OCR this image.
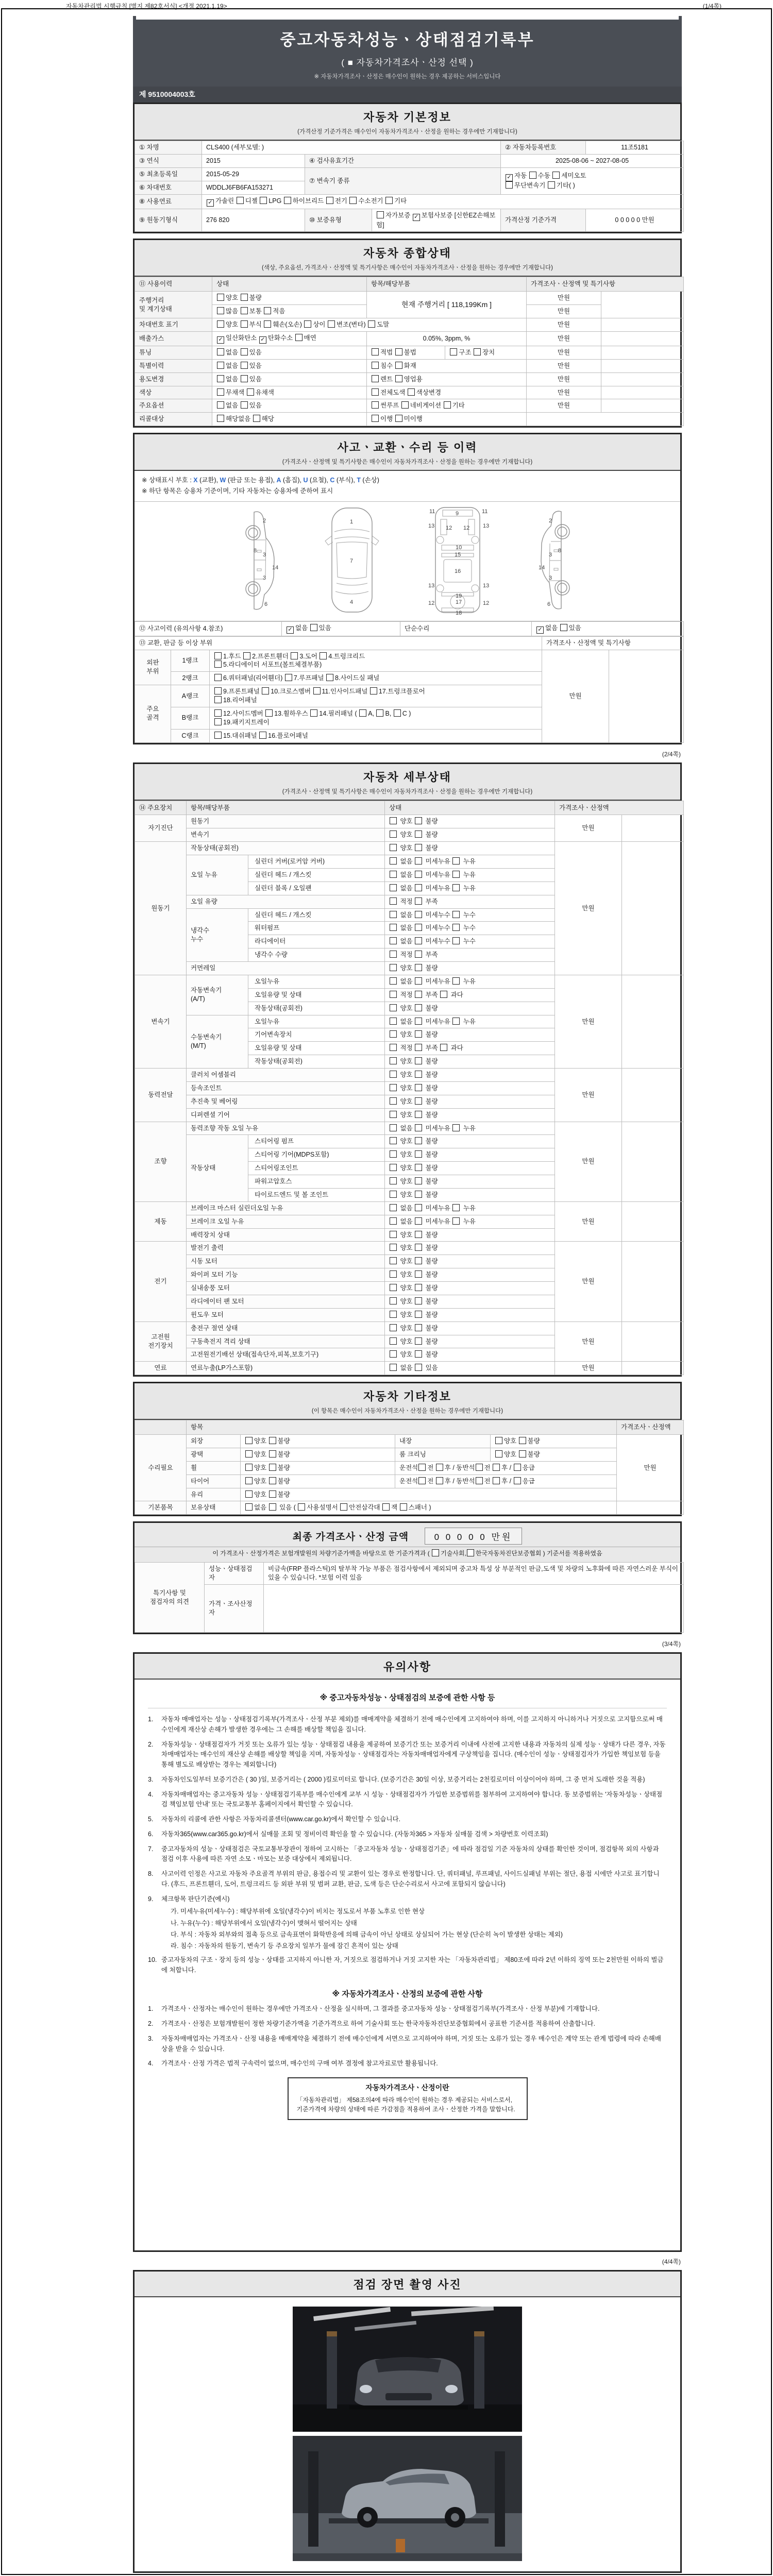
자동차관리법 시행규칙 [별지 제82호서식] <개정 2021.1.19>	(1/4쪽)
중고자동차성능ㆍ상태점검기록부
( ■ 자동차가격조사ㆍ산정 선택 )
※ 자동차가격조사ㆍ산정은 매수인이 원하는 경우 제공하는 서비스입니다
제 9510004003호
자동차 기본정보
(가격산정 기준가격은 매수인이 자동차가격조사ㆍ산정을 원하는 경우에만 기재합니다)
① 차명	CLS400 (세부모델: )			② 자동차등록번호	11조5181
③ 연식	2015	④ 검사유효기간		2025-08-06 ~ 2027-08-05	
⑤ 최초등록일	2015-05-29	⑦ 변속기 종류	✓자동 수동 세미오토
무단변속기 기타( )
⑥ 차대번호	WDDLJ6FB6FA153271				
⑧ 사용연료	✓가솔린 디젤 LPG 하이브리드 전기 수소전기 기타
⑨ 원동기형식	276 820	⑩ 보증유형	자가보증 ✓보험사보증 [신한EZ손해보험]	가격산정 기준가격	0 0 0 0 0 만원
자동차 종합상태
(색상, 주요옵션, 가격조사ㆍ산정액 및 특기사항은 매수인이 자동차가격조사ㆍ산정을 원하는 경우에만 기재합니다)
⑪ 사용이력	상태	항목/해당부품	가격조사ㆍ산정액 및 특기사항	
주행거리
및 계기상태	양호 불량	현재 주행거리 [ 118,199Km ]	만원	
	많음 보통 적음		만원	
차대번호 표기	양호 부식 훼손(오손) 상이 변조(변타) 도말		만원	
배출가스	✓일산화탄소 ✓탄화수소 매연	0.05%, 3ppm, %	만원	
튜닝	없음 있음	적법 불법 구조 장치	만원	
특별이력	없음 있음	침수 화재	만원	
용도변경	없음 있음	렌트 영업용	만원	
색상	무채색 유채색	전체도색 색상변경	만원	
주요옵션	없음 있음	썬루프 네비게이션 기타	만원	
리콜대상	해당없음 해당	이행 미이행		
사고ㆍ교환ㆍ수리 등 이력
(가격조사ㆍ산정액 및 특기사항은 매수인이 자동차가격조사ㆍ산정을 원하는 경우에만 기재합니다)
※ 상태표시 부호 : X (교환), W (판금 또는 용접), A (흠집), U (요철), C (부식), T (손상)
※ 하단 항목은 승용차 기준이며, 기타 자동차는 승용차에 준하여 표시
2
8
3
14
3
6
1
7
4
9
11	11
13 12 12 13
10
15
16
13
19
13
12	17	12
18
2
3
8
14
3
6
⑫ 사고이력 (유의사항 4.참조)	✓없음 있음	단순수리	✓없음 있음
⑬ 교환, 판금 등 이상 부위			가격조사ㆍ산정액 및 특기사항	
외판
부위	1랭크	1.후드 2.프론트휀더 3.도어 4.트렁크리드
5.라디에이터 서포트(볼트체결부품)	만원	
	2랭크	6.쿼터패널(리어휀더) 7.루프패널 8.사이드실 패널		
주요
골격	A랭크	9.프론트패널 10.크로스멤버 11.인사이드패널 17.트렁크플로어
18.리어패널		
	B랭크	12.사이드멤버 13.휠하우스 14.필러패널 ( A, B, C )
19.패키지트레이		
	C랭크	15.대쉬패널 16.플로어패널		
(2/4쪽)
자동차 세부상태
(가격조사ㆍ산정액 및 특기사항은 매수인이 자동차가격조사ㆍ산정을 원하는 경우에만 기재합니다)
⑭ 주요장치	항목/해당부품		상태	가격조사ㆍ산정액	
자기진단	원동기		양호  불량	만원	
	변속기		양호  불량		
원동기	작동상태(공회전)		양호  불량	만원	
	오일 누유	실린더 커버(로커암 커버)	없음  미세누유  누유		
		실린더 헤드 / 개스킷	없음  미세누유  누유		
		실린더 블록 / 오일팬	없음  미세누유  누유		
	오일 유량		적정  부족		
	냉각수
누수	실린더 헤드 / 개스킷	없음  미세누수  누수		
		워터펌프	없음  미세누수  누수		
		라디에이터	없음  미세누수  누수		
		냉각수 수량	적정  부족		
	커먼레일		양호  불량		
변속기	자동변속기
(A/T)	오일누유	없음  미세누유  누유	만원	
		오일유량 및 상태	적정  부족  과다		
		작동상태(공회전)	양호  불량		
	수동변속기
(M/T)	오일누유	없음  미세누유  누유		
		기어변속장치	양호  불량		
		오일유량 및 상태	적정  부족  과다		
		작동상태(공회전)	양호  불량		
동력전달	클러치 어셈블리		양호  불량	만원	
	등속조인트		양호  불량		
	추진축 및 베어링		양호  불량		
	디퍼렌셜 기어		양호  불량		
조향	동력조향 작동 오일 누유		없음  미세누유  누유	만원	
	작동상태	스티어링 펌프	양호  불량		
		스티어링 기어(MDPS포함)	양호  불량		
		스티어링조인트	양호  불량		
		파워고압호스	양호  불량		
		타이로드엔드 및 볼 조인트	양호  불량		
제동	브레이크 마스터 실린더오일 누유		없음  미세누유  누유	만원	
	브레이크 오일 누유		없음  미세누유  누유		
	배력장치 상태		양호  불량		
전기	발전기 출력		양호  불량	만원	
	시동 모터		양호  불량		
	와이퍼 모터 기능		양호  불량		
	실내송풍 모터		양호  불량		
	라디에이터 팬 모터		양호  불량		
	윈도우 모터		양호  불량		
고전원
전기장치	충전구 절연 상태		양호  불량	만원	
	구동축전지 격리 상태		양호  불량		
	고전원전기배선 상태(접속단자,피복,보호기구)		양호  불량		
연료	연료누출(LP가스포함)		없음  있음	만원	
자동차 기타정보
(이 항목은 매수인이 자동차가격조사ㆍ산정을 원하는 경우에만 기재합니다)
	항목				가격조사ㆍ산정액
수리필요	외장	양호 불량	내장	양호 불량	만원
	광택	양호 불량	룸 크리닝	양호 불량	
	휠	양호 불량	운전석 전 후 / 동반석 전 후 / 응급		
	타이어	양호 불량	운전석 전 후 / 동반석 전 후 / 응급		
	유리	양호 불량			
기본품목	보유상태	없음  있음 ( 사용설명서 안전삼각대 잭 스패너 )			
최종 가격조사ㆍ산정 금액	0 0 0 0 0 만원
이 가격조사ㆍ산정가격은 보험개발원의 차량기준가액을 바탕으로 한 기준가격과 ( 기술사회, 한국자동차진단보증협회 ) 기준서를 적용하였음
특기사항 및
점검자의 의견	성능ㆍ상태점검
자	비금속(FRP 플라스틱)의 탈부착 가능 부품은 점검사항에서 제외되며 중고차 특성 상 부분적인 판금,도색 및 차량의 노후화에 따른 자연스러운 부식이 있을 수 있습니다. *보험 이력 있음
	가격ㆍ조사산정
자	
(3/4쪽)
유의사항
※ 중고자동차성능ㆍ상태점검의 보증에 관한 사항 등
1.	자동차 매매업자는 성능ㆍ상태점검기록부(가격조사ㆍ산정 부분 제외)를 매매계약을 체결하기 전에 매수인에게 고지하여야 하며, 이를 고지하지 아니하거나 거짓으로 고지함으로써 매수인에게 재산상 손해가 발생한 경우에는 그 손해를 배상할 책임을 집니다.
2.	자동차성능ㆍ상태점검자가 거짓 또는 오류가 있는 성능ㆍ상태점검 내용을 제공하여 보증기간 또는 보증거리 이내에 사전에 고지한 내용과 자동차의 실제 성능ㆍ상태가 다른 경우, 자동차매매업자는 매수인의 재산상 손해를 배상할 책임을 지며, 자동차성능ㆍ상태점검자는 자동차매매업자에게 구상책임을 집니다. (매수인이 성능ㆍ상태점검자가 가입한 책임보험 등을 통해 별도로 배상받는 경우는 제외합니다)
3.	자동차인도일부터 보증기간은 ( 30 )일, 보증거리는 ( 2000 )킬로미터로 합니다. (보증기간은 30일 이상, 보증거리는 2천킬로미터 이상이어야 하며, 그 중 먼저 도래한 것을 적용)
4.	자동차매매업자는 중고자동차 성능ㆍ상태점검기록부를 매수인에게 교부 시 성능ㆍ상태점검자가 가입한 보증범위를 첨부하여 고지하여야 합니다. 동 보증범위는 '자동차성능ㆍ상태점검 책임보험 안내' 또는 국토교통부 홈페이지에서 확인할 수 있습니다.
5.	자동차의 리콜에 관한 사항은 자동차리콜센터(www.car.go.kr)에서 확인할 수 있습니다.
6.	자동차365(www.car365.go.kr)에서 실매물 조회 및 정비이력 확인을 할 수 있습니다. (자동차365 > 자동차 실매물 검색 > 차량번호 이력조회)
7.	중고자동차의 성능ㆍ상태점검은 국토교통부장관이 정하여 고시하는 「중고자동차 성능ㆍ상태점검기준」에 따라 점검일 기준 자동차의 상태를 확인한 것이며, 점검항목 외의 사항과 점검 이후 사용에 따른 자연 소모ㆍ마모는 보증 대상에서 제외됩니다.
8.	사고이력 인정은 사고로 자동차 주요골격 부위의 판금, 용접수리 및 교환이 있는 경우로 한정합니다. 단, 쿼터패널, 루프패널, 사이드실패널 부위는 절단, 용접 시에만 사고로 표기합니다. (후드, 프론트휀더, 도어, 트렁크리드 등 외판 부위 및 범퍼 교환, 판금, 도색 등은 단순수리로서 사고에 포함되지 않습니다)
9.	체크항목 판단기준(예시)
가. 미세누유(미세누수) : 해당부위에 오일(냉각수)이 비치는 정도로서 부품 노후로 인한 현상
나. 누유(누수) : 해당부위에서 오일(냉각수)이 맺혀서 떨어지는 상태
다. 부식 : 자동차 외부와의 접촉 등으로 금속표면이 화학반응에 의해 금속이 아닌 상태로 상실되어 가는 현상 (단순히 녹이 발생한 상태는 제외)
라. 침수 : 자동차의 원동기, 변속기 등 주요장치 일부가 물에 잠긴 흔적이 있는 상태
10. 중고자동차의 구조ㆍ장치 등의 성능ㆍ상태를 고지하지 아니한 자, 거짓으로 점검하거나 거짓 고지한 자는 「자동차관리법」 제80조에 따라 2년 이하의 징역 또는 2천만원 이하의 벌금에 처합니다.
※ 자동차가격조사ㆍ산정의 보증에 관한 사항
1.	가격조사ㆍ산정자는 매수인이 원하는 경우에만 가격조사ㆍ산정을 실시하며, 그 결과를 중고자동차 성능ㆍ상태점검기록부(가격조사ㆍ산정 부분)에 기재합니다.
2.	가격조사ㆍ산정은 보험개발원이 정한 차량기준가액을 기준가격으로 하여 기술사회 또는 한국자동차진단보증협회에서 공표한 기준서를 적용하여 산출합니다.
3.	자동차매매업자는 가격조사ㆍ산정 내용을 매매계약을 체결하기 전에 매수인에게 서면으로 고지하여야 하며, 거짓 또는 오류가 있는 경우 매수인은 계약 또는 관계 법령에 따라 손해배상을 받을 수 있습니다.
4.	가격조사ㆍ산정 가격은 법적 구속력이 없으며, 매수인의 구매 여부 결정에 참고자료로만 활용됩니다.
자동차가격조사ㆍ산정이란
「자동차관리법」 제58조의4에 따라 매수인이 원하는 경우 제공되는 서비스로서, 기준가격에 차량의 상태에 따른 가감점을 적용하여 조사ㆍ산정한 가격을 말합니다.
(4/4쪽)
점검 장면 촬영 사진
